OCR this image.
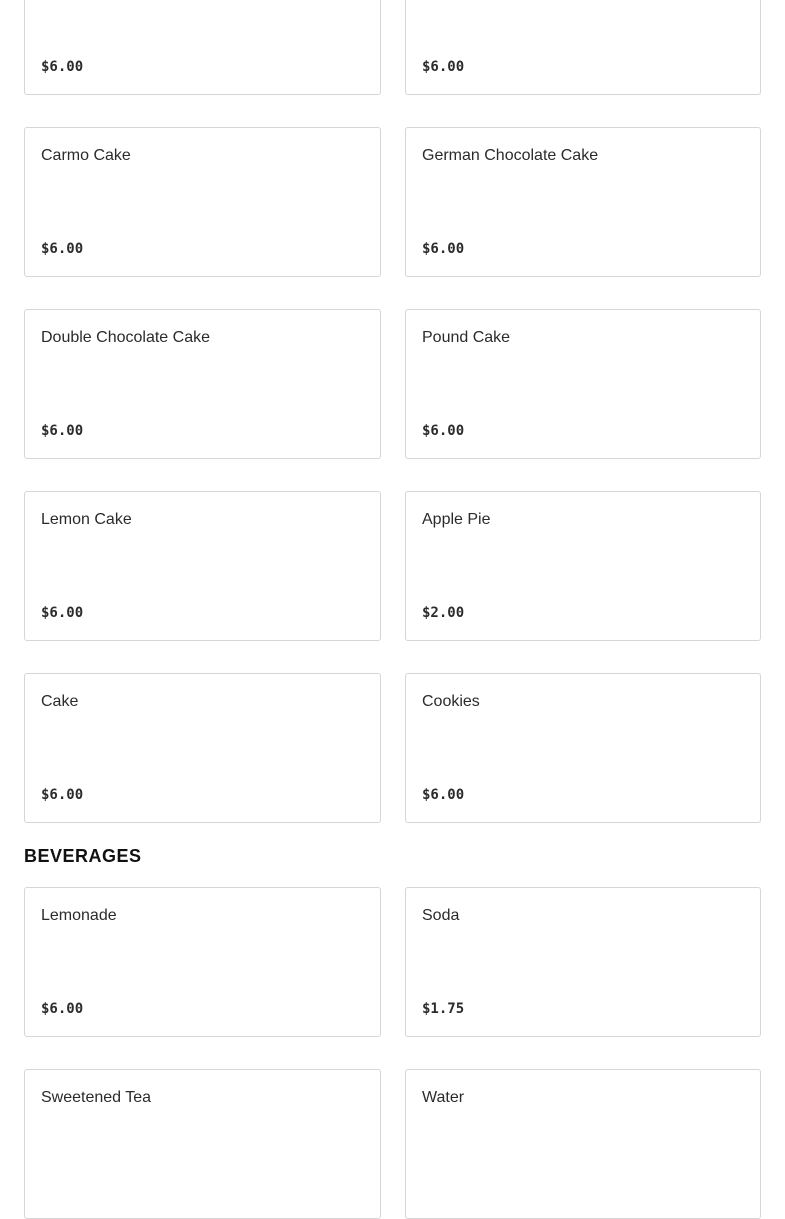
$6.00	$6.00
Carmo Cake
$6.00
German Chocolate Cake
$6.00
Double Chocolate Cake
$6.00
Pound Cake
$6.00
Lemon Cake
$6.00
Apple Pie
$2.00
Cake
$6.00
Cookies
$6.00
BEVERAGES
Lemonade
$6.00
Soda
$1.75
Sweetened Tea	Water
